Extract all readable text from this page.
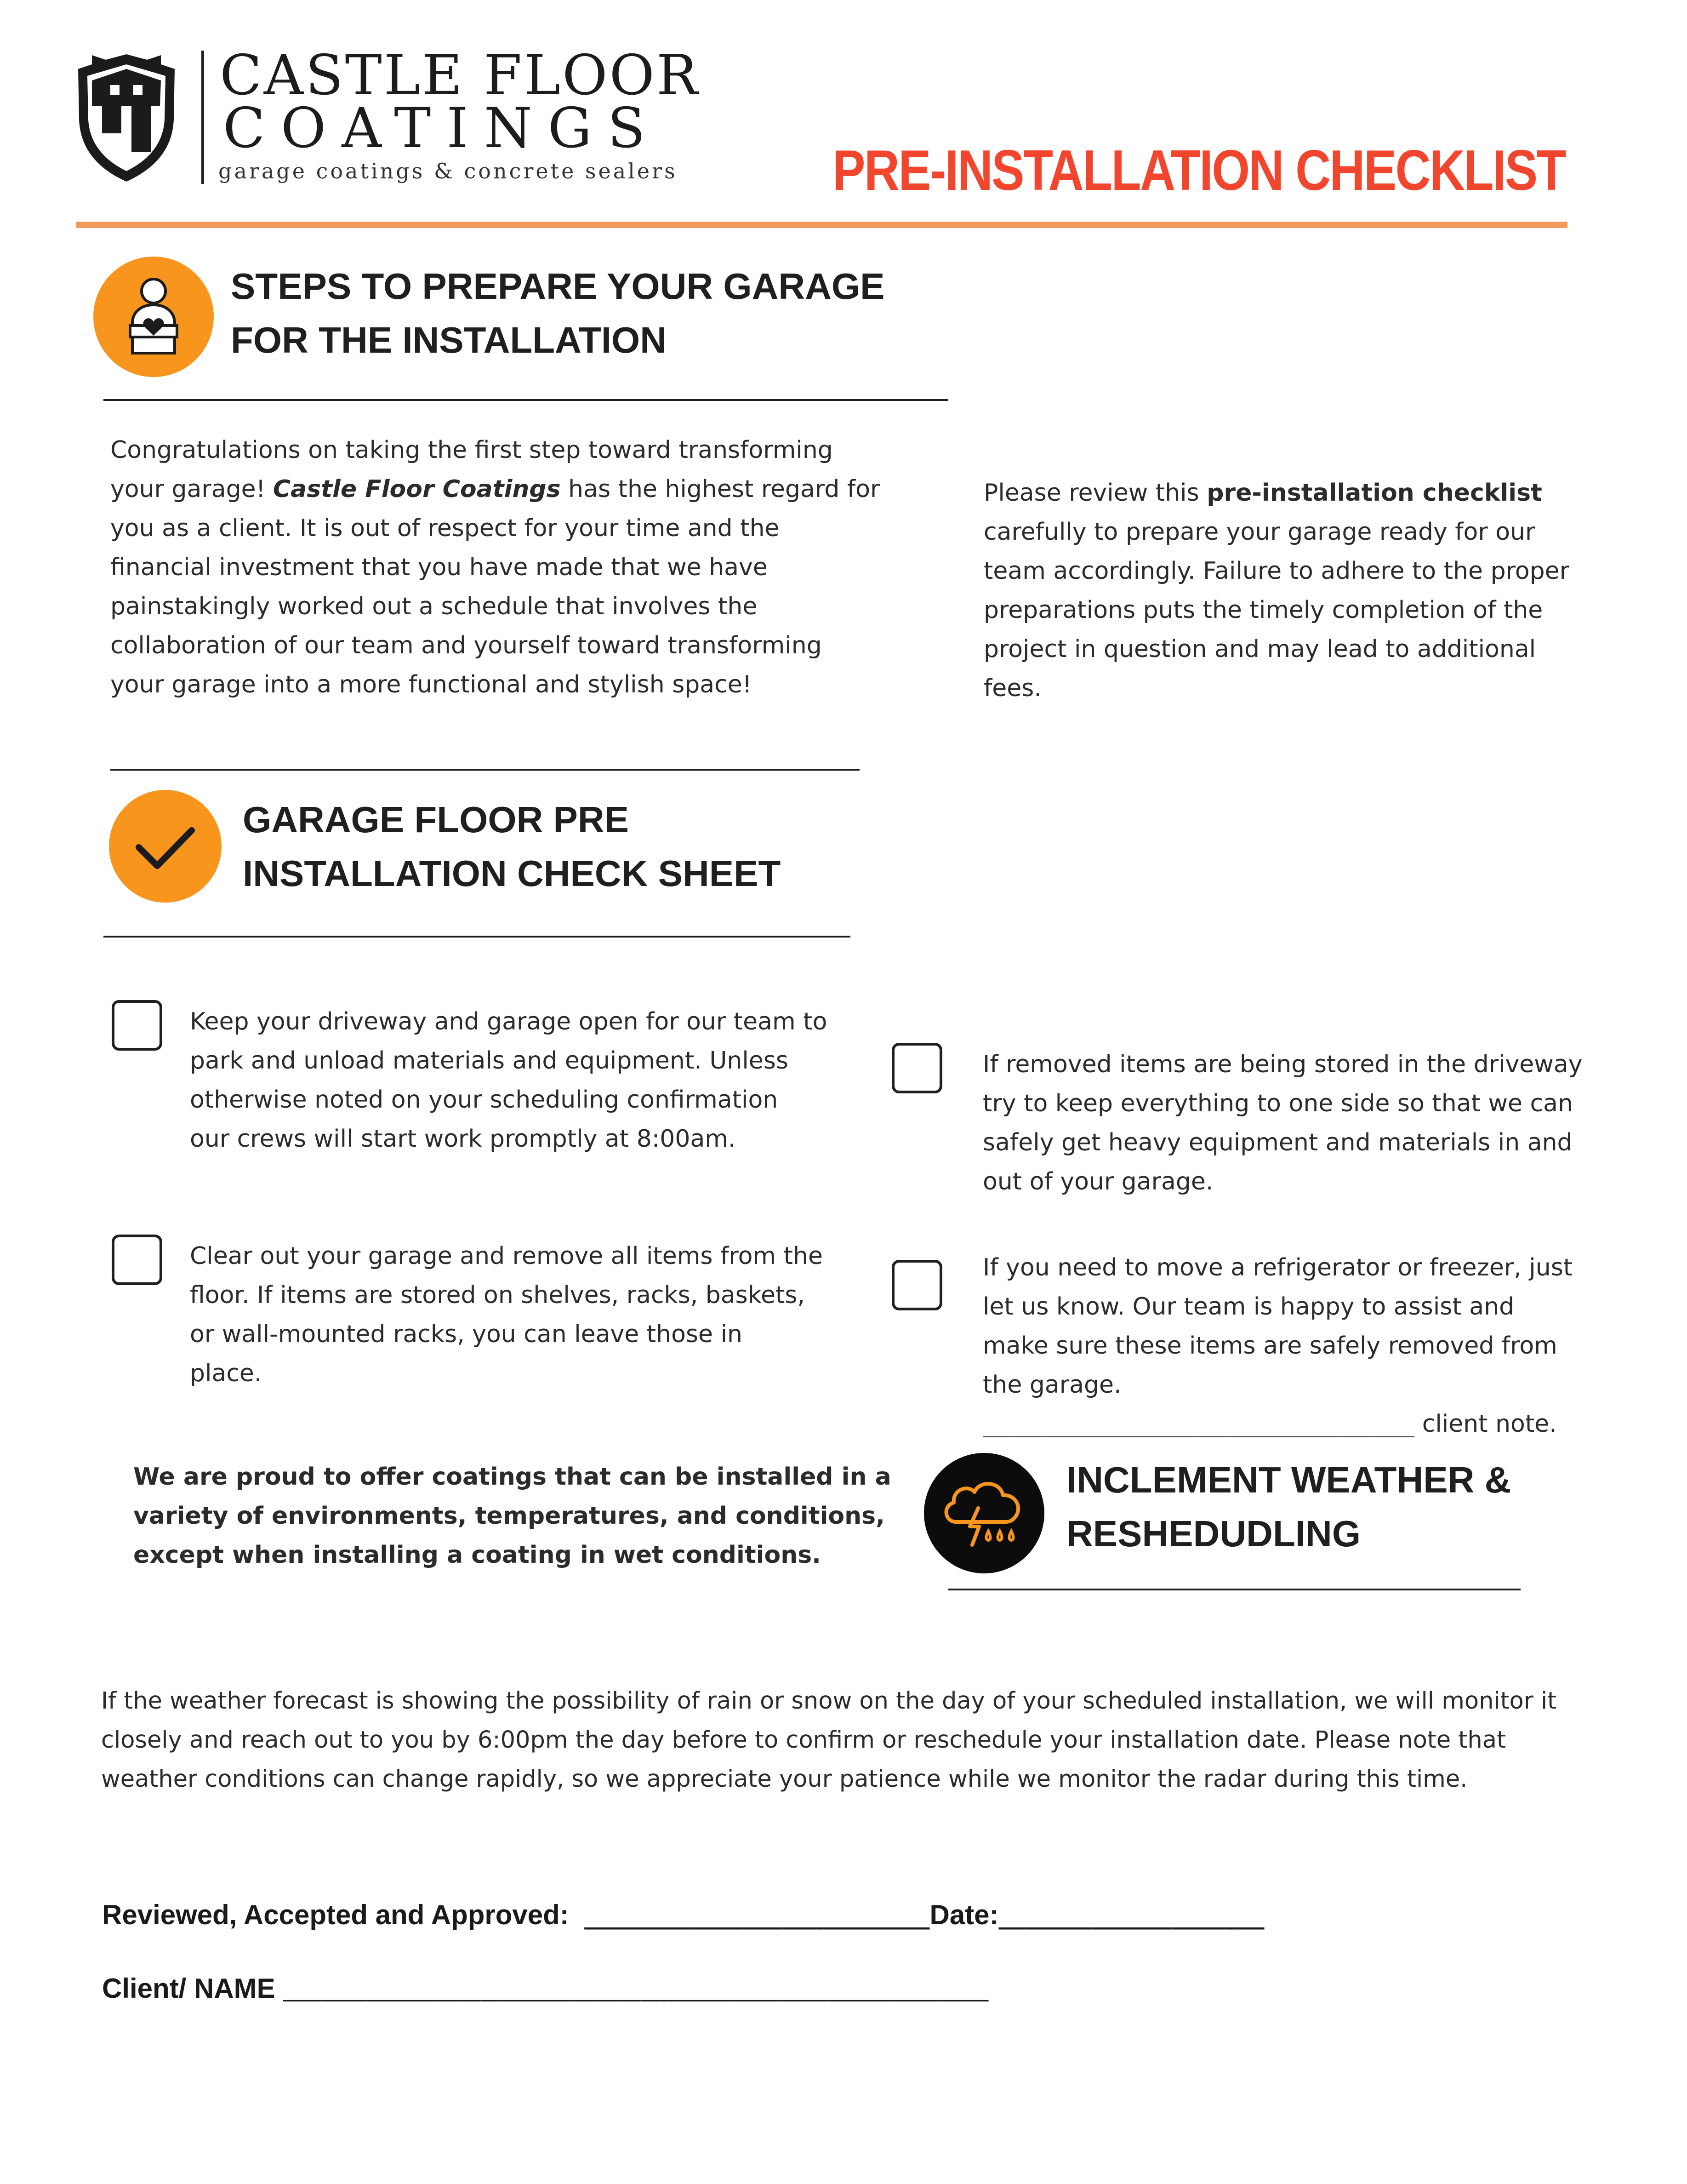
CASTLE FLOOR
COATINGS
garage coatings & concrete sealers	PRE-INSTALLATION CHECKLIST
STEPS TO PREPARE YOUR GARAGE
FOR THE INSTALLATION
Congratulations on taking the first step toward transforming
your garage! Castle Floor Coatings has the highest regard for
you as a client. It is out of respect for your time and the
financial investment that you have made that we have
painstakingly worked out a schedule that involves the
collaboration of our team and yourself toward transforming
your garage into a more functional and stylish space!
Please review this pre-installation checklist
carefully to prepare your garage ready for our
team accordingly. Failure to adhere to the proper
preparations puts the timely completion of the
project in question and may lead to additional
fees.
GARAGE FLOOR PRE
INSTALLATION CHECK SHEET
Keep your driveway and garage open for our team to
park and unload materials and equipment. Unless
otherwise noted on your scheduling confirmation
our crews will start work promptly at 8:00am.
Clear out your garage and remove all items from the
floor. If items are stored on shelves, racks, baskets,
or wall-mounted racks, you can leave those in
place.
If removed items are being stored in the driveway
try to keep everything to one side so that we can
safely get heavy equipment and materials in and
out of your garage.
If you need to move a refrigerator or freezer, just
let us know. Our team is happy to assist and
make sure these items are safely removed from
the garage.
______________________________ client note.
We are proud to offer coatings that can be installed in a
variety of environments, temperatures, and conditions,
except when installing a coating in wet conditions.
INCLEMENT WEATHER &
RESHEDUDLING
If the weather forecast is showing the possibility of rain or snow on the day of your scheduled installation, we will monitor it
closely and reach out to you by 6:00pm the day before to confirm or reschedule your installation date. Please note that
weather conditions can change rapidly, so we appreciate your patience while we monitor the radar during this time.
Reviewed, Accepted and Approved: __________________________Date:____________________
Client/ NAME ___________________________________________________________________________
